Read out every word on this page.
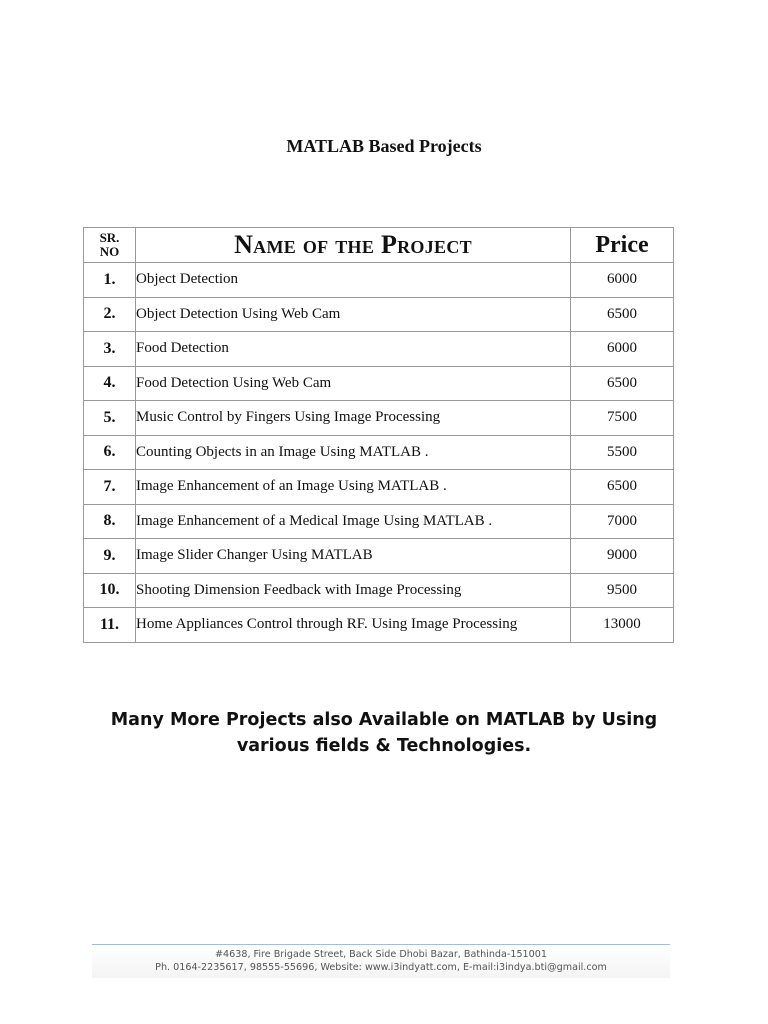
MATLAB Based Projects
SR.
NO	Name of the Project	Price
1.	Object Detection	6000
2.	Object Detection Using Web Cam	6500
3.	Food Detection	6000
4.	Food Detection Using Web Cam	6500
5.	Music Control by Fingers Using Image Processing	7500
6.	Counting Objects in an Image Using MATLAB .	5500
7.	Image Enhancement of an Image Using MATLAB .	6500
8.	Image Enhancement of a Medical Image Using MATLAB .	7000
9.	Image Slider Changer Using MATLAB	9000
10.	Shooting Dimension Feedback with Image Processing	9500
11.	Home Appliances Control through RF. Using Image Processing	13000
Many More Projects also Available on MATLAB by Using
various fields & Technologies.
#4638, Fire Brigade Street, Back Side Dhobi Bazar, Bathinda-151001
Ph. 0164-2235617, 98555-55696, Website: www.i3indyatt.com, E-mail:i3indya.bti@gmail.com
